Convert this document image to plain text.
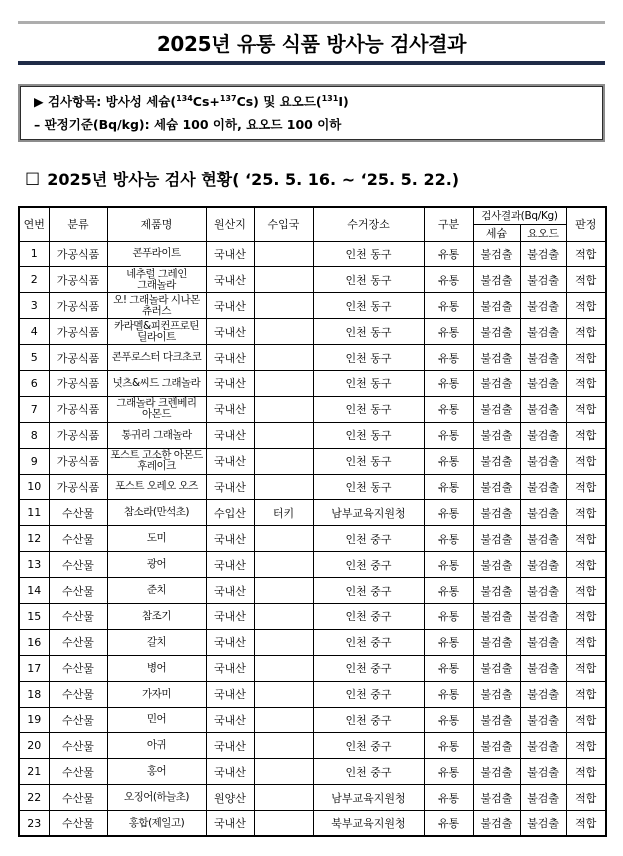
2025년 유통 식품 방사능 검사결과
▶ 검사항목: 방사성 세슘($^{134}$Cs+$^{137}$Cs) 및 요오드($^{131}$I)
– 판정기준(Bq/kg): 세슘 100 이하, 요오드 100 이하
☐ 2025년 방사능 검사 현황( ‘25. 5. 16. ~ ‘25. 5. 22.)
연번	분류	제품명	원산지	수입국	수거장소	구분	검사결과(Bq/Kg)		판정
							세슘	요오드	
1	가공식품	콘푸라이트	국내산		인천 동구	유통	불검출	불검출	적합
2	가공식품	네추럴 그레인 그래놀라	국내산		인천 동구	유통	불검출	불검출	적합
3	가공식품	오! 그래놀라 시나몬 츄러스	국내산		인천 동구	유통	불검출	불검출	적합
4	가공식품	카라멜&피컨프로틴 딜라이트	국내산		인천 동구	유통	불검출	불검출	적합
5	가공식품	콘푸로스터 다크초코	국내산		인천 동구	유통	불검출	불검출	적합
6	가공식품	넛츠&씨드 그래놀라	국내산		인천 동구	유통	불검출	불검출	적합
7	가공식품	그래놀라 크렌베리 아몬드	국내산		인천 동구	유통	불검출	불검출	적합
8	가공식품	통귀리 그래놀라	국내산		인천 동구	유통	불검출	불검출	적합
9	가공식품	포스트 고소한 아몬드 후레이크	국내산		인천 동구	유통	불검출	불검출	적합
10	가공식품	포스트 오레오 오즈	국내산		인천 동구	유통	불검출	불검출	적합
11	수산물	참소라(만석초)	수입산	터키	남부교육지원청	유통	불검출	불검출	적합
12	수산물	도미	국내산		인천 중구	유통	불검출	불검출	적합
13	수산물	광어	국내산		인천 중구	유통	불검출	불검출	적합
14	수산물	준치	국내산		인천 중구	유통	불검출	불검출	적합
15	수산물	참조기	국내산		인천 중구	유통	불검출	불검출	적합
16	수산물	갈치	국내산		인천 중구	유통	불검출	불검출	적합
17	수산물	병어	국내산		인천 중구	유통	불검출	불검출	적합
18	수산물	가자미	국내산		인천 중구	유통	불검출	불검출	적합
19	수산물	민어	국내산		인천 중구	유통	불검출	불검출	적합
20	수산물	아귀	국내산		인천 중구	유통	불검출	불검출	적합
21	수산물	홍어	국내산		인천 중구	유통	불검출	불검출	적합
22	수산물	오징어(하늘초)	원양산		남부교육지원청	유통	불검출	불검출	적합
23	수산물	홍합(제일고)	국내산		북부교육지원청	유통	불검출	불검출	적합
